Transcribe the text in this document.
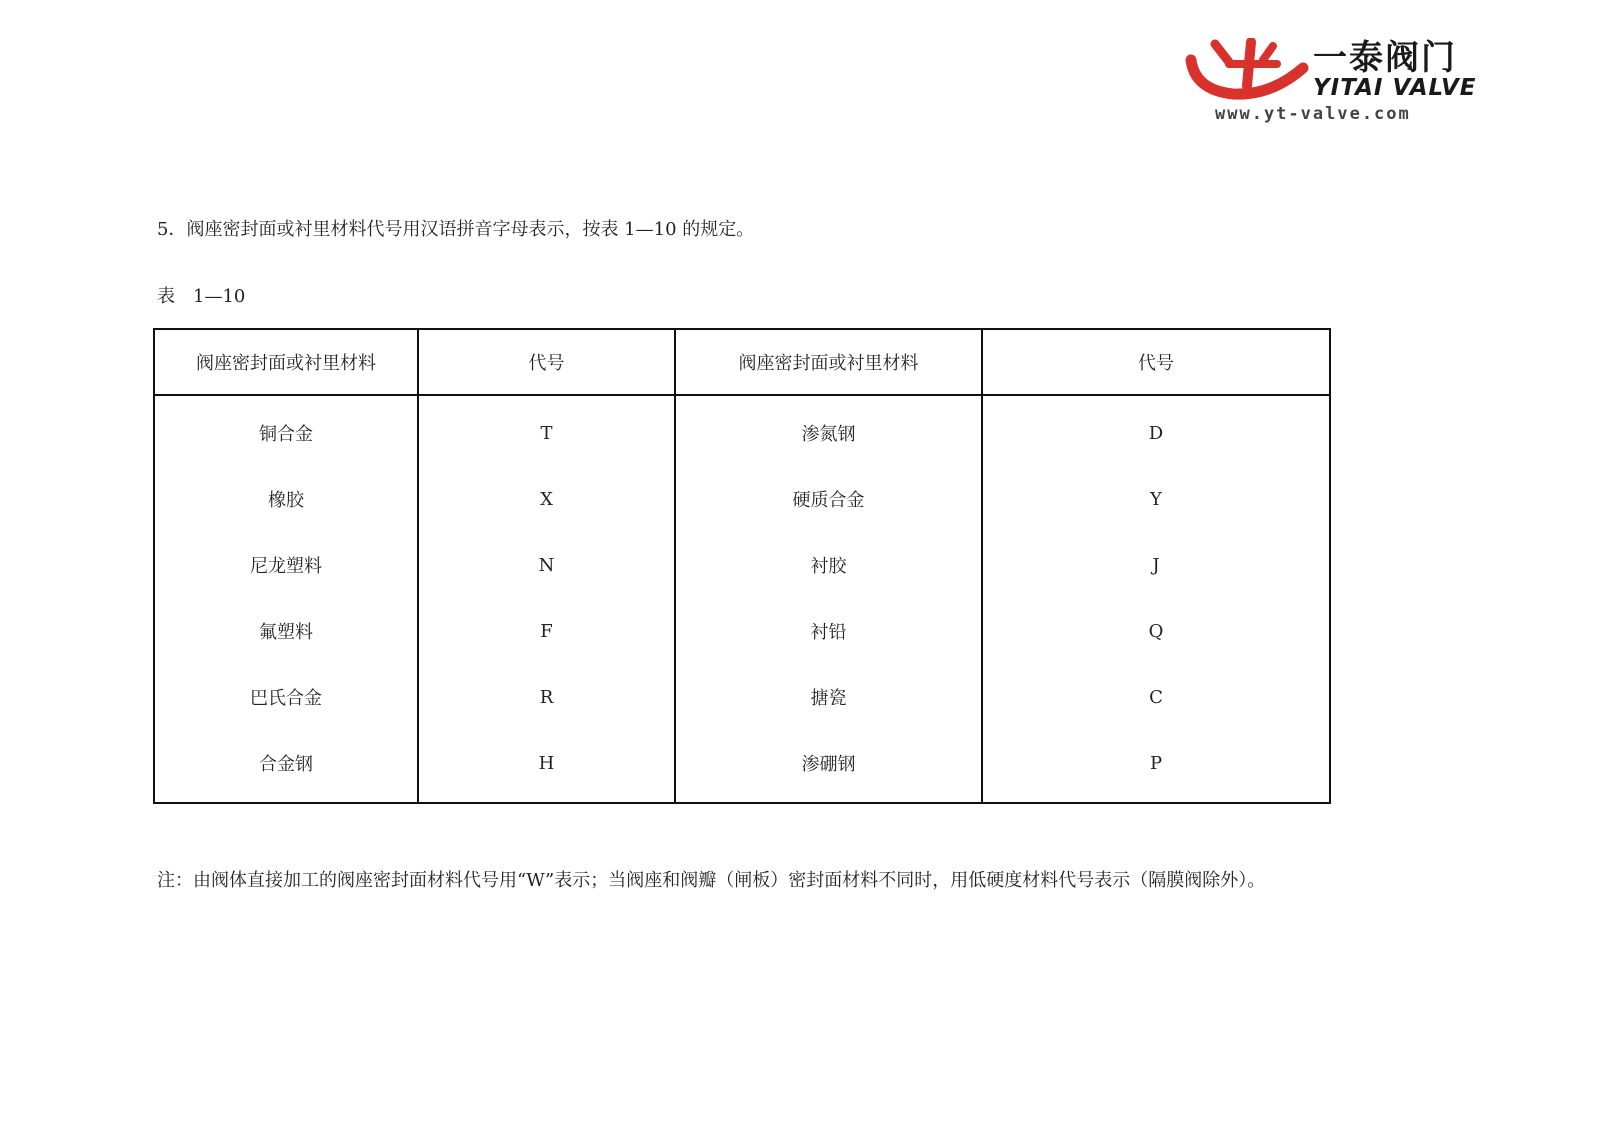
一泰阀门
YITAI VALVE
www.yt-valve.com
5．阀座密封面或衬里材料代号用汉语拼音字母表示，按表 1—10 的规定。
表　1—10
阀座密封面或衬里材料	代号	阀座密封面或衬里材料	代号
铜合金	T	渗氮钢	D
橡胶	X	硬质合金	Y
尼龙塑料	N	衬胶	J
氟塑料	F	衬铅	Q
巴氏合金	R	搪瓷	C
合金钢	H	渗硼钢	P
注：由阀体直接加工的阀座密封面材料代号用“W”表示；当阀座和阀瓣（闸板）密封面材料不同时，用低硬度材料代号表示（隔膜阀除外）。
